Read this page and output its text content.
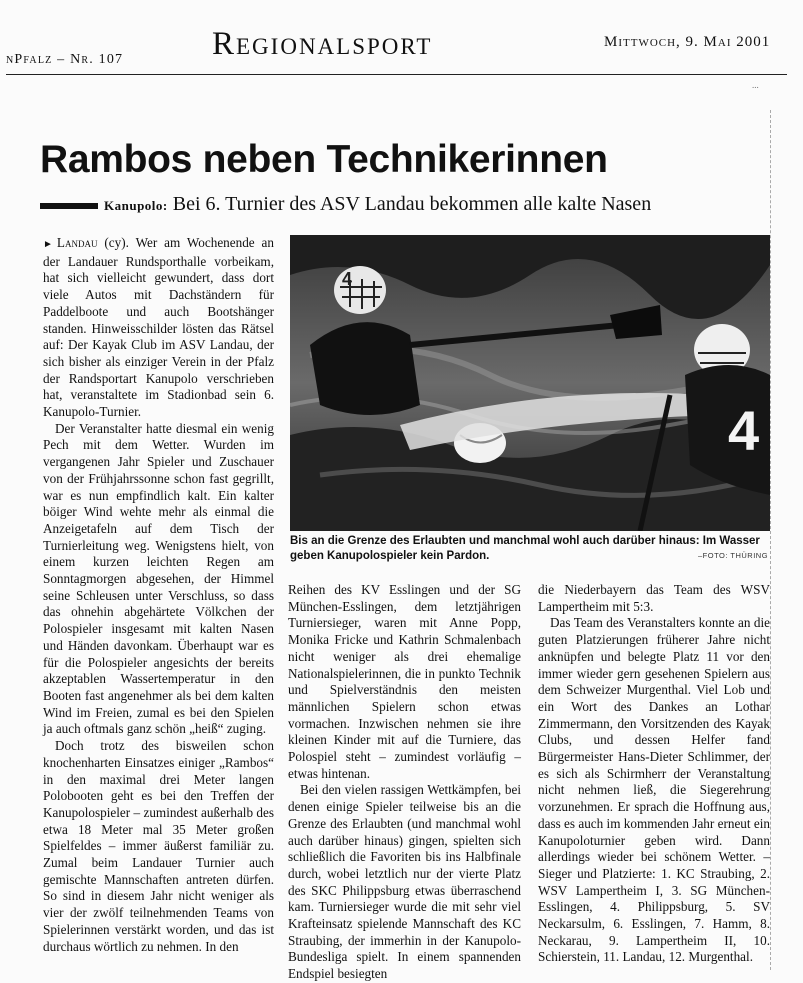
nPfalz – Nr. 107	Regionalsport	Mittwoch, 9. Mai 2001
...
Rambos neben Technikerinnen
Kanupolo: Bei 6. Turnier des ASV Landau bekommen alle kalte Nasen

► Landau (cy). Wer am Wochenende an der Landauer Rundsporthalle vorbeikam, hat sich vielleicht gewundert, dass dort viele Autos mit Dachständern für Paddelboote und auch Bootshänger standen. Hinweisschilder lösten das Rätsel auf: Der Kayak Club im ASV Landau, der sich bisher als einziger Verein in der Pfalz der Randsportart Kanupolo verschrieben hat, veranstaltete im Stadionbad sein 6. Kanupolo-Turnier.

Der Veranstalter hatte diesmal ein wenig Pech mit dem Wetter. Wurden im vergangenen Jahr Spieler und Zuschauer von der Frühjahrssonne schon fast gegrillt, war es nun empfindlich kalt. Ein kalter böiger Wind wehte mehr als einmal die Anzeigetafeln auf dem Tisch der Turnierleitung weg. Wenigstens hielt, von einem kurzen leichten Regen am Sonntagmorgen abgesehen, der Himmel seine Schleusen unter Verschluss, so dass das ohnehin abgehärtete Völkchen der Polospieler insgesamt mit kalten Nasen und Händen davonkam. Überhaupt war es für die Polospieler angesichts der bereits akzeptablen Wassertemperatur in den Booten fast angenehmer als bei dem kalten Wind im Freien, zumal es bei den Spielen ja auch oftmals ganz schön „heiß“ zuging.

Doch trotz des bisweilen schon knochenharten Einsatzes einiger „Rambos“ in den maximal drei Meter langen Polobooten geht es bei den Treffen der Kanupolospieler – zumindest außerhalb des etwa 18 Meter mal 35 Meter großen Spielfeldes – immer äußerst familiär zu. Zumal beim Landauer Turnier auch gemischte Mannschaften antreten dürfen. So sind in diesem Jahr nicht weniger als vier der zwölf teilnehmenden Teams von Spielerinnen verstärkt worden, und das ist durchaus wörtlich zu nehmen. In den

4
4
Bis an die Grenze des Erlaubten und manchmal wohl auch darüber hinaus: Im Wasser geben Kanupolospieler kein Pardon.	–FOTO: THÜRING

Reihen des KV Esslingen und der SG München-Esslingen, dem letztjährigen Turniersieger, waren mit Anne Popp, Monika Fricke und Kathrin Schmalenbach nicht weniger als drei ehemalige Nationalspielerinnen, die in punkto Technik und Spielverständnis den meisten männlichen Spielern schon etwas vormachen. Inzwischen nehmen sie ihre kleinen Kinder mit auf die Turniere, das Polospiel steht – zumindest vorläufig – etwas hintenan.

Bei den vielen rassigen Wettkämpfen, bei denen einige Spieler teilweise bis an die Grenze des Erlaubten (und manchmal wohl auch darüber hinaus) gingen, spielten sich schließlich die Favoriten bis ins Halbfinale durch, wobei letztlich nur der vierte Platz des SKC Philippsburg etwas überraschend kam. Turniersieger wurde die mit sehr viel Krafteinsatz spielende Mannschaft des KC Straubing, der immerhin in der Kanupolo-Bundesliga spielt. In einem spannenden Endspiel besiegten

die Niederbayern das Team des WSV Lampertheim mit 5:3.

Das Team des Veranstalters konnte an die guten Platzierungen früherer Jahre nicht anknüpfen und belegte Platz 11 vor den immer wieder gern gesehenen Spielern aus dem Schweizer Murgenthal. Viel Lob und ein Wort des Dankes an Lothar Zimmermann, den Vorsitzenden des Kayak Clubs, und dessen Helfer fand Bürgermeister Hans-Dieter Schlimmer, der es sich als Schirmherr der Veranstaltung nicht nehmen ließ, die Siegerehrung vorzunehmen. Er sprach die Hoffnung aus, dass es auch im kommenden Jahr erneut ein Kanupoloturnier geben wird. Dann allerdings wieder bei schönem Wetter. – Sieger und Platzierte: 1. KC Straubing, 2. WSV Lampertheim I, 3. SG München-Esslingen, 4. Philippsburg, 5. SV Neckarsulm, 6. Esslingen, 7. Hamm, 8. Neckarau, 9. Lampertheim II, 10. Schierstein, 11. Landau, 12. Murgenthal.
